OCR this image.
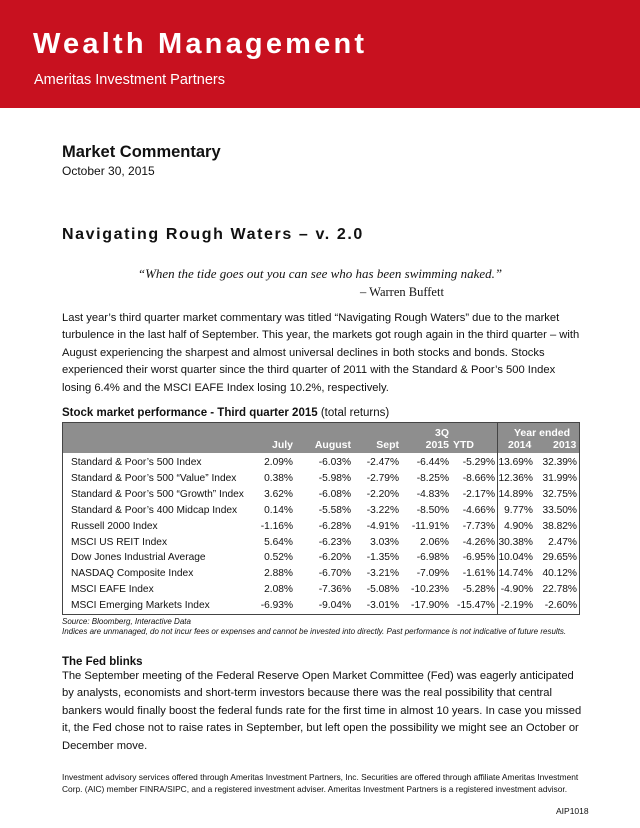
Wealth Management
Ameritas Investment Partners
Market Commentary
October 30, 2015
Navigating Rough Waters – v. 2.0
“When the tide goes out you can see who has been swimming naked.”
– Warren Buffett
Last year’s third quarter market commentary was titled “Navigating Rough Waters” due to the market turbulence in the last half of September. This year, the markets got rough again in the third quarter – with August experiencing the sharpest and almost universal declines in both stocks and bonds. Stocks experienced their worst quarter since the third quarter of 2011 with the Standard & Poor’s 500 Index losing 6.4% and the MSCI EAFE Index losing 10.2%, respectively.
Stock market performance - Third quarter 2015 (total returns)
July August Sept
3Q
2015 YTD
Year ended
2014 2013
Standard & Poor’s 500 Index	2.09%	-6.03% -2.47% -6.44% -5.29% 13.69% 32.39%
Standard & Poor’s 500 “Value” Index	0.38%	-5.98% -2.79% -8.25% -8.66% 12.36% 31.99%
Standard & Poor’s 500 “Growth” Index 3.62%	-6.08% -2.20% -4.83% -2.17% 14.89% 32.75%
Standard & Poor’s 400 Midcap Index	0.14%	-5.58% -3.22% -8.50% -4.66% 9.77% 33.50%
Russell 2000 Index	-1.16%	-6.28% -4.91% -11.91% -7.73% 4.90% 38.82%
MSCI US REIT Index	5.64%	-6.23% 3.03% 2.06% -4.26% 30.38% 2.47%
Dow Jones Industrial Average	0.52%	-6.20% -1.35% -6.98% -6.95% 10.04% 29.65%
NASDAQ Composite Index	2.88%	-6.70% -3.21% -7.09% -1.61% 14.74% 40.12%
MSCI EAFE Index	2.08%	-7.36% -5.08% -10.23% -5.28% -4.90% 22.78%
MSCI Emerging Markets Index	-6.93%	-9.04% -3.01% -17.90% -15.47% -2.19% -2.60%
Source: Bloomberg, Interactive Data
Indices are unmanaged, do not incur fees or expenses and cannot be invested into directly. Past performance is not indicative of future results.
The Fed blinks
The September meeting of the Federal Reserve Open Market Committee (Fed) was eagerly anticipated by analysts, economists and short-term investors because there was the real possibility that central bankers would finally boost the federal funds rate for the first time in almost 10 years. In case you missed it, the Fed chose not to raise rates in September, but left open the possibility we might see an October or December move.
Investment advisory services offered through Ameritas Investment Partners, Inc. Securities are offered through affiliate Ameritas Investment Corp. (AIC) member FINRA/SIPC, and a registered investment adviser. Ameritas Investment Partners is a registered investment advisor.
AIP1018
